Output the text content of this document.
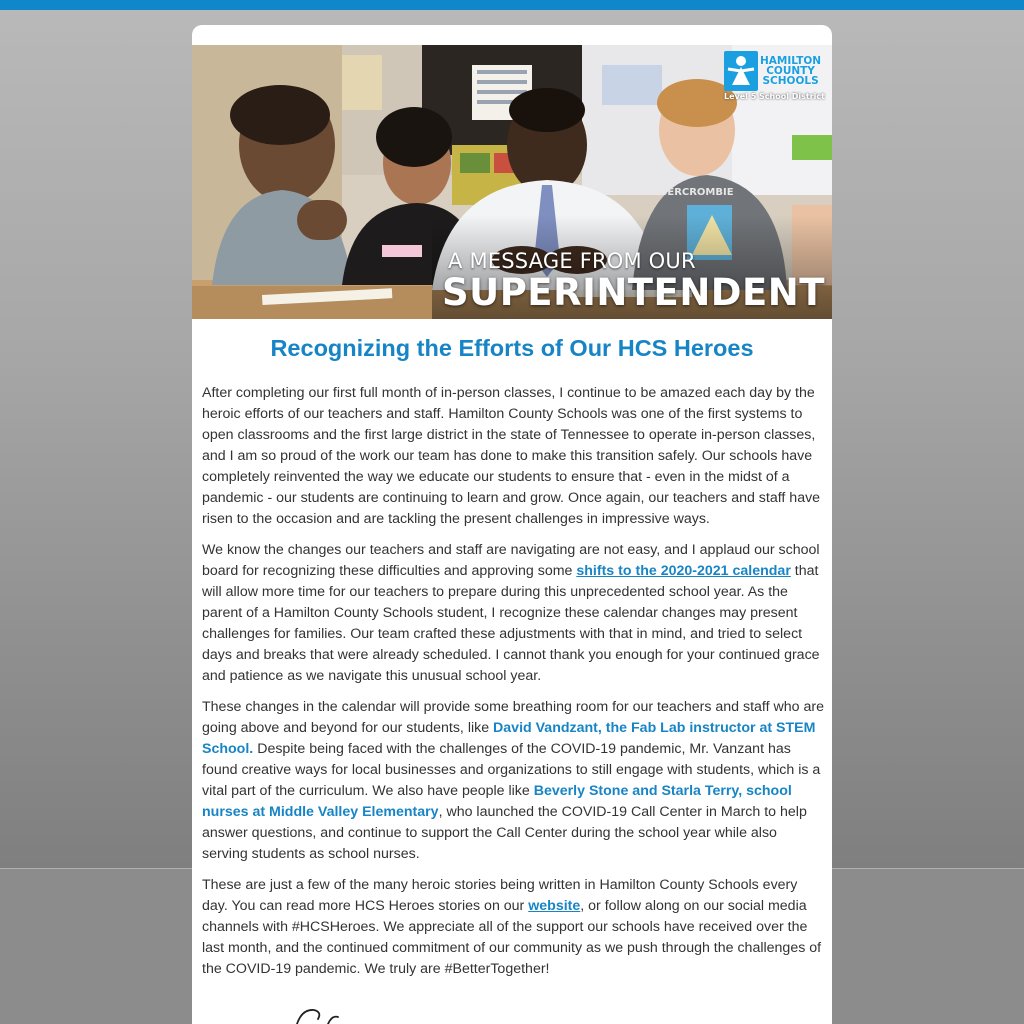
ABERCROMBIE
HAMILTON
COUNTY
SCHOOLS
Level 5 School District
A MESSAGE FROM OUR
SUPERINTENDENT
Recognizing the Efforts of Our HCS Heroes

After completing our first full month of in-person classes, I continue to be amazed each day by the heroic efforts of our teachers and staff. Hamilton County Schools was one of the first systems to open classrooms and the first large district in the state of Tennessee to operate in-person classes, and I am so proud of the work our team has done to make this transition safely. Our schools have completely reinvented the way we educate our students to ensure that - even in the midst of a pandemic - our students are continuing to learn and grow. Once again, our teachers and staff have risen to the occasion and are tackling the present challenges in impressive ways.

We know the changes our teachers and staff are navigating are not easy, and I applaud our school board for recognizing these difficulties and approving some shifts to the 2020-2021 calendar that will allow more time for our teachers to prepare during this unprecedented school year. As the parent of a Hamilton County Schools student, I recognize these calendar changes may present challenges for families. Our team crafted these adjustments with that in mind, and tried to select days and breaks that were already scheduled. I cannot thank you enough for your continued grace and patience as we navigate this unusual school year.

These changes in the calendar will provide some breathing room for our teachers and staff who are going above and beyond for our students, like David Vandzant, the Fab Lab instructor at STEM School. Despite being faced with the challenges of the COVID-19 pandemic, Mr. Vanzant has found creative ways for local businesses and organizations to still engage with students, which is a vital part of the curriculum. We also have people like Beverly Stone and Starla Terry, school nurses at Middle Valley Elementary, who launched the COVID-19 Call Center in March to help answer questions, and continue to support the Call Center during the school year while also serving students as school nurses.

These are just a few of the many heroic stories being written in Hamilton County Schools every day. You can read more HCS Heroes stories on our website, or follow along on our social media channels with #HCSHeroes. We appreciate all of the support our schools have received over the last month, and the continued commitment of our community as we push through the challenges of the COVID-19 pandemic. We truly are #BetterTogether!
